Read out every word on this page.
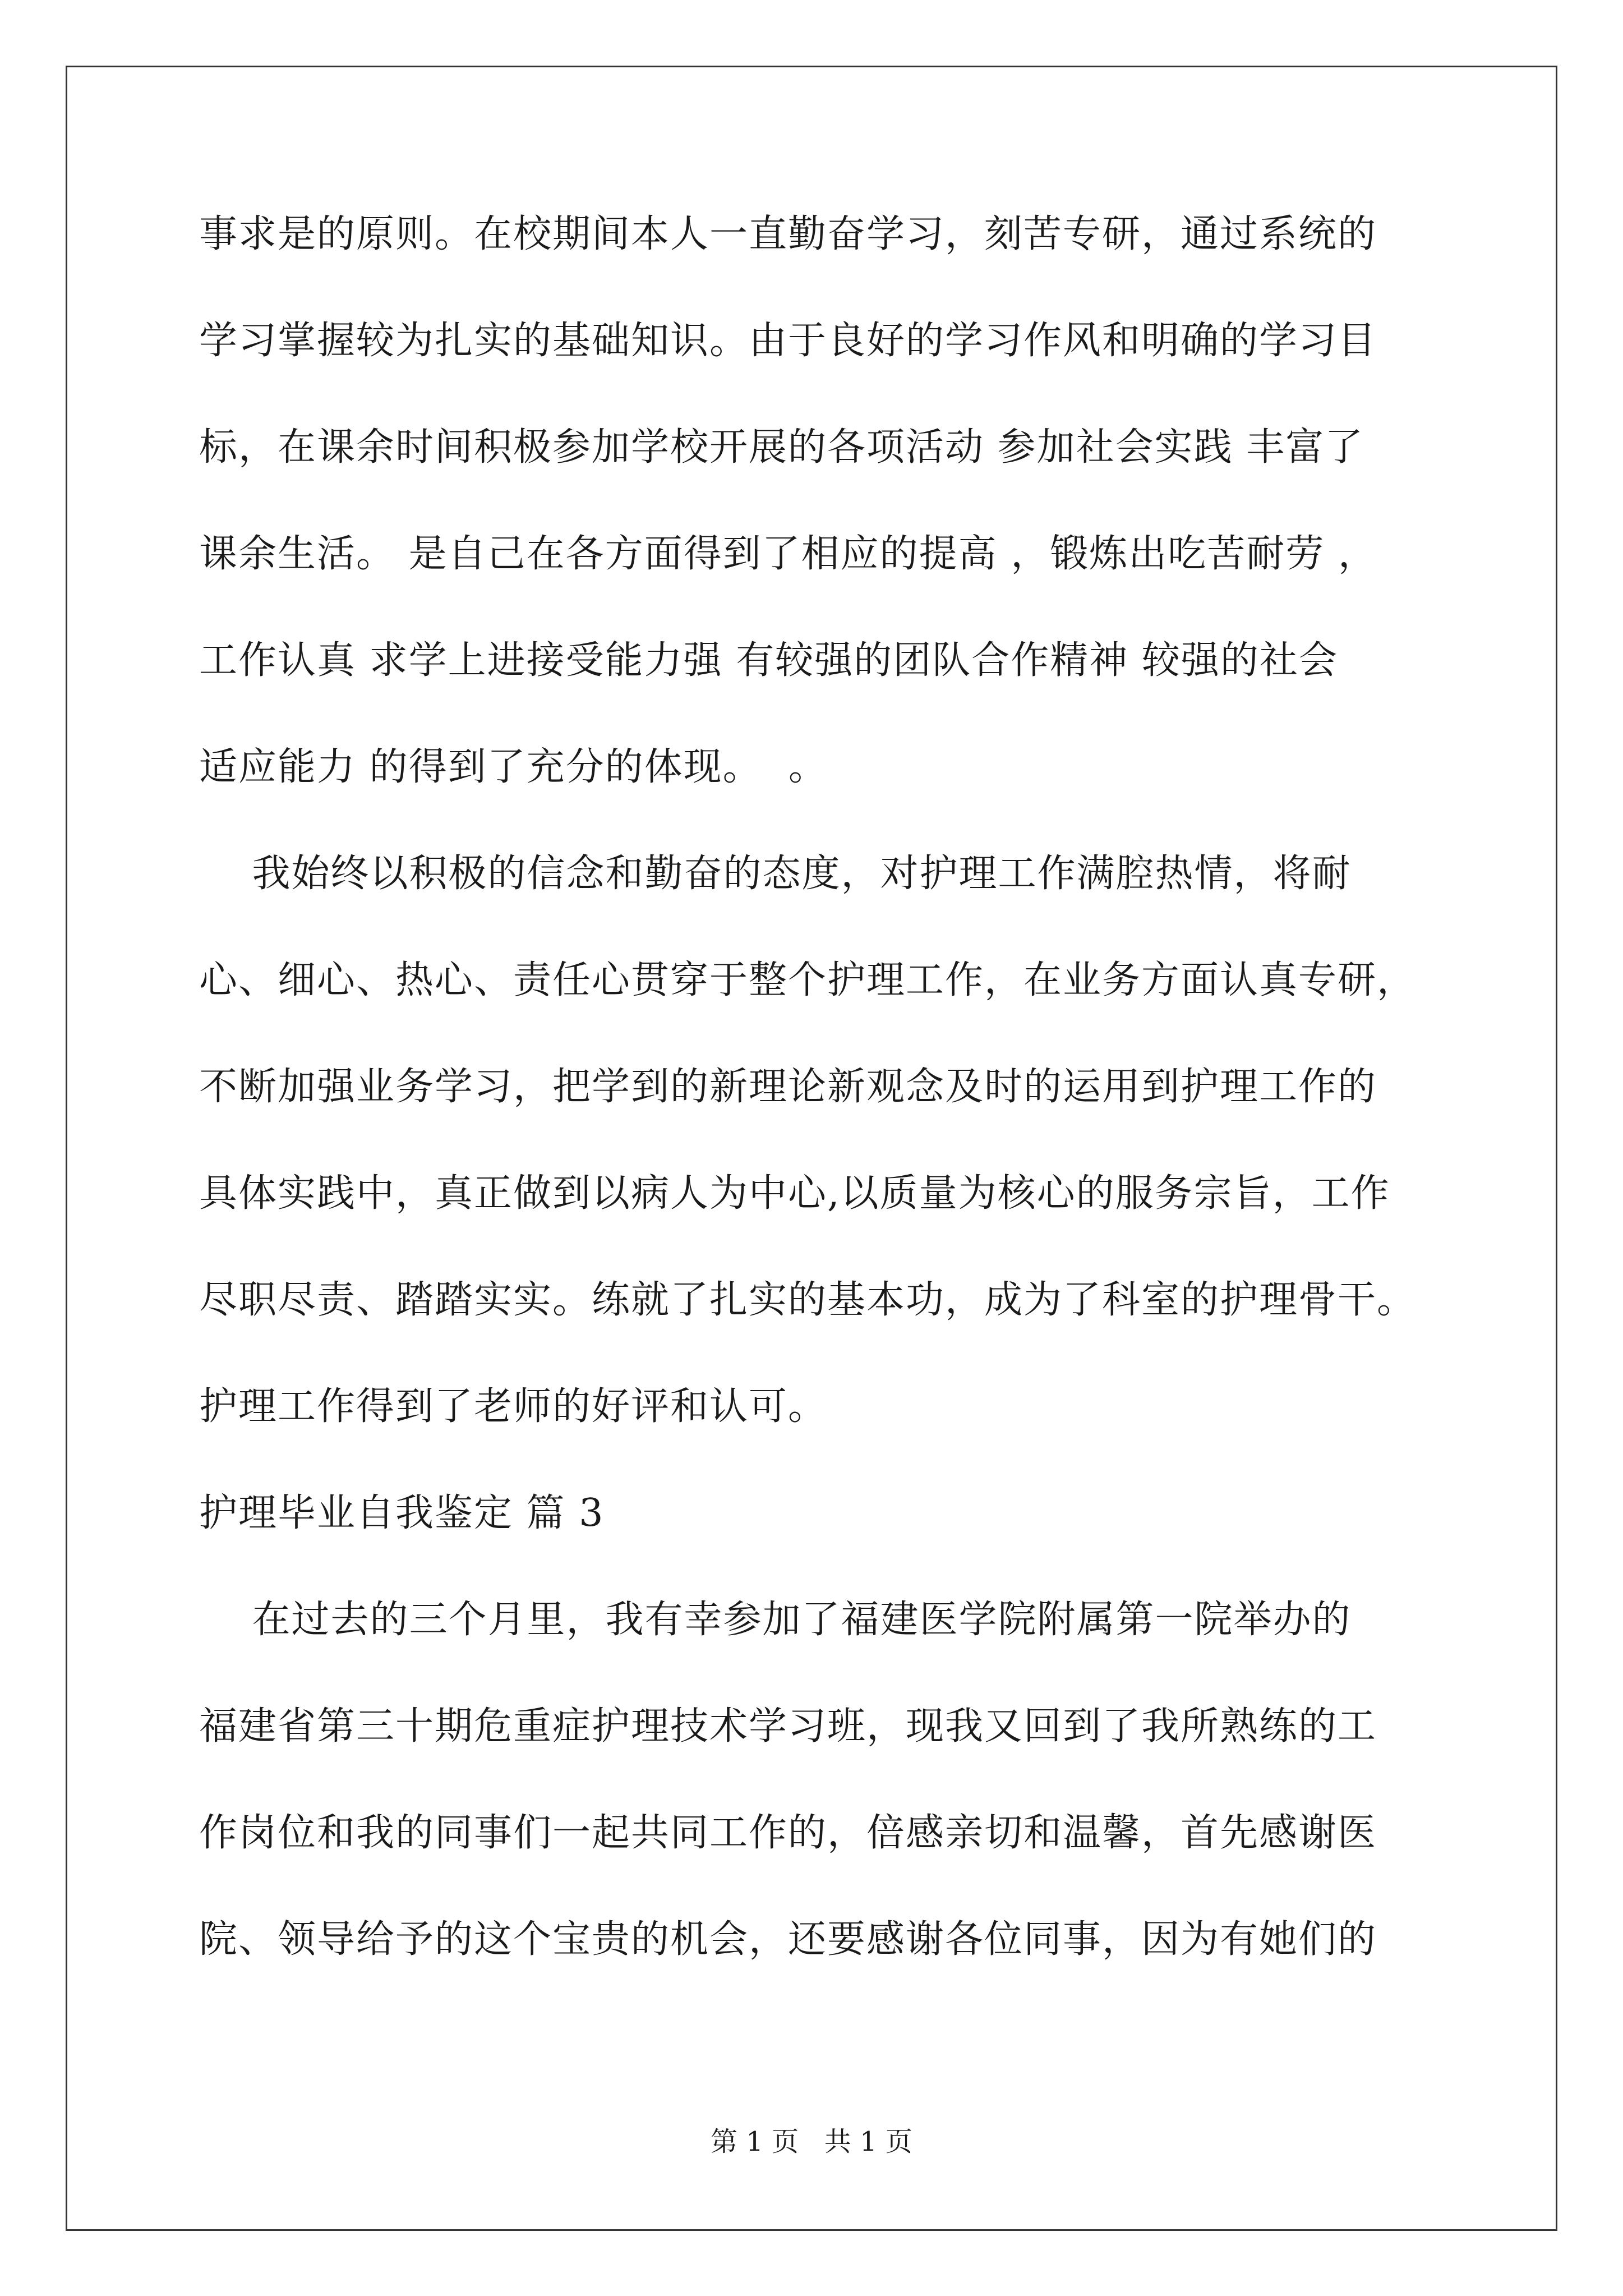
事求是的原则。在校期间本人一直勤奋学习，刻苦专研，通过系统的
学习掌握较为扎实的基础知识。由于良好的学习作风和明确的学习目
标，在课余时间积极参加学校开展的各项活动 参加社会实践 丰富了
课余生活。 是自己在各方面得到了相应的提高 ，锻炼出吃苦耐劳 ，
工作认真 求学上进接受能力强 有较强的团队合作精神 较强的社会
适应能力 的得到了充分的体现。  。
我始终以积极的信念和勤奋的态度，对护理工作满腔热情，将耐
心、细心、热心、责任心贯穿于整个护理工作，在业务方面认真专研，
不断加强业务学习，把学到的新理论新观念及时的运用到护理工作的
具体实践中，真正做到以病人为中心,以质量为核心的服务宗旨，工作
尽职尽责、踏踏实实。练就了扎实的基本功，成为了科室的护理骨干。
护理工作得到了老师的好评和认可。
护理毕业自我鉴定 篇 3
在过去的三个月里，我有幸参加了福建医学院附属第一院举办的
福建省第三十期危重症护理技术学习班，现我又回到了我所熟练的工
作岗位和我的同事们一起共同工作的，倍感亲切和温馨，首先感谢医
院、领导给予的这个宝贵的机会，还要感谢各位同事，因为有她们的
第 1 页   共 1 页
